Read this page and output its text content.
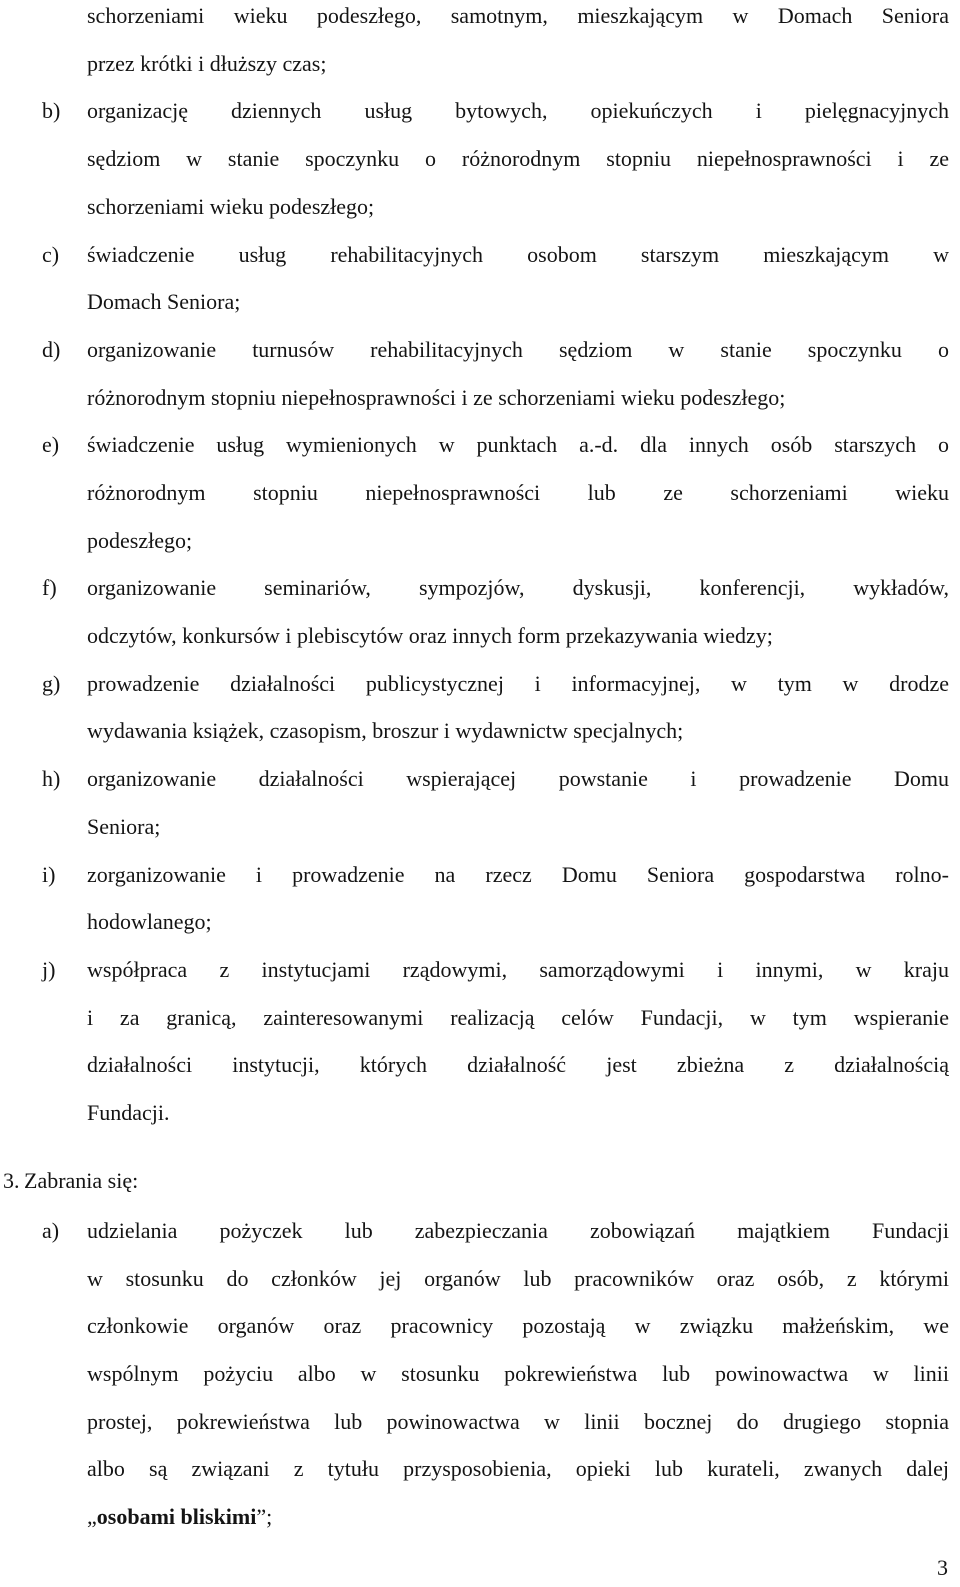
schorzeniami wieku podeszłego, samotnym, mieszkającym w Domach Seniora
przez krótki i dłuższy czas;
b) organizację dziennych usług bytowych, opiekuńczych i pielęgnacyjnych
sędziom w stanie spoczynku o różnorodnym stopniu niepełnosprawności i ze
schorzeniami wieku podeszłego;
c) świadczenie usług rehabilitacyjnych osobom starszym mieszkającym w
Domach Seniora;
d) organizowanie turnusów rehabilitacyjnych sędziom w stanie spoczynku o
różnorodnym stopniu niepełnosprawności i ze schorzeniami wieku podeszłego;
e) świadczenie usług wymienionych w punktach a.-d. dla innych osób starszych o
różnorodnym stopniu niepełnosprawności lub ze schorzeniami wieku
podeszłego;
f) organizowanie seminariów, sympozjów, dyskusji, konferencji, wykładów,
odczytów, konkursów i plebiscytów oraz innych form przekazywania wiedzy;
g) prowadzenie działalności publicystycznej i informacyjnej, w tym w drodze
wydawania książek, czasopism, broszur i wydawnictw specjalnych;
h) organizowanie działalności wspierającej powstanie i prowadzenie Domu
Seniora;
i) zorganizowanie i prowadzenie na rzecz Domu Seniora gospodarstwa rolno-
hodowlanego;
j) współpraca z instytucjami rządowymi, samorządowymi i innymi, w kraju
i za granicą, zainteresowanymi realizacją celów Fundacji, w tym wspieranie
działalności instytucji, których działalność jest zbieżna z działalnością
Fundacji.
3. Zabrania się:
a) udzielania pożyczek lub zabezpieczania zobowiązań majątkiem Fundacji
w stosunku do członków jej organów lub pracowników oraz osób, z którymi
członkowie organów oraz pracownicy pozostają w związku małżeńskim, we
wspólnym pożyciu albo w stosunku pokrewieństwa lub powinowactwa w linii
prostej, pokrewieństwa lub powinowactwa w linii bocznej do drugiego stopnia
albo są związani z tytułu przysposobienia, opieki lub kurateli, zwanych dalej
„osobami bliskimi”;
3
